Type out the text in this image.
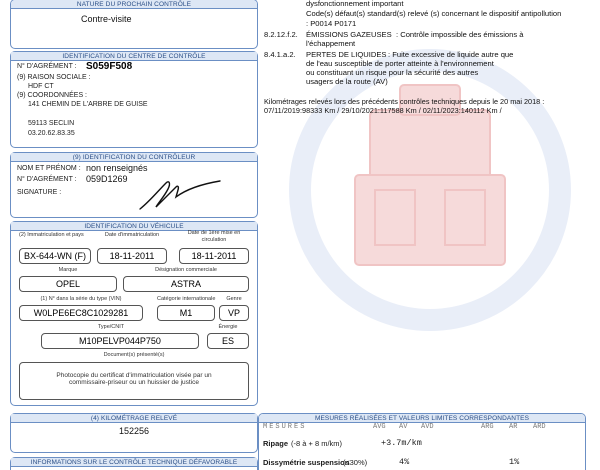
NATURE DU PROCHAIN CONTRÔLE
Contre-visite
IDENTIFICATION DU CENTRE DE CONTRÔLE
N° D'AGRÉMENT : S059F508
(9) RAISON SOCIALE :
HDF CT
(9) COORDONNÉES :
141 CHEMIN DE L'ARBRE DE GUISE
59113 SECLIN
03.20.62.83.35
(9) IDENTIFICATION DU CONTRÔLEUR
NOM ET PRÉNOM : non renseignés
N° D'AGRÉMENT : 059D1269
SIGNATURE :
IDENTIFICATION DU VÉHICULE
(2) Immatriculation et pays	Date d'immatriculation	Date de 1ère mise en circulation
BX-644-WN (F)	18-11-2011	18-11-2011
Marque	Désignation commerciale
OPEL	ASTRA
(1) N° dans la série du type (VIN)	Catégorie internationale	Genre
W0LPE6EC8C1029281	M1	VP
Type/CNIT	Énergie
M10PELVP044P750	ES
Document(s) présenté(s)
Photocopie du certificat d'immatriculation visée par un
commissaire-priseur ou un huissier de justice
(4) KILOMÉTRAGE RELEVÉ
152256
INFORMATIONS SUR LE CONTRÔLE TECHNIQUE DÉFAVORABLE
dysfonctionnement important
Code(s) défaut(s) standard(s) relevé (s) concernant le dispositif antipollution
: P0014 P0171
8.2.12.f.2. ÉMISSIONS GAZEUSES : Contrôle impossible des émissions à
l'échappement
8.4.1.a.2. PERTES DE LIQUIDES : Fuite excessive de liquide autre que
de l'eau susceptible de porter atteinte à l'environnement
ou constituant un risque pour la sécurité des autres
usagers de la route (AV)
Kilométrages relevés lors des précédents contrôles techniques depuis le 20 mai 2018 :
07/11/2019:98333 Km / 29/10/2021:117588 Km / 02/11/2023:140112 Km /
MESURES RÉALISÉES ET VALEURS LIMITES CORRESPONDANTES
MESURES	AVG AV AVD	ARG AR ARD
Ripage (-8 à + 8 m/km)	+3.7m/km
Dissymétrie suspension
(≤30%)	4%	1%
